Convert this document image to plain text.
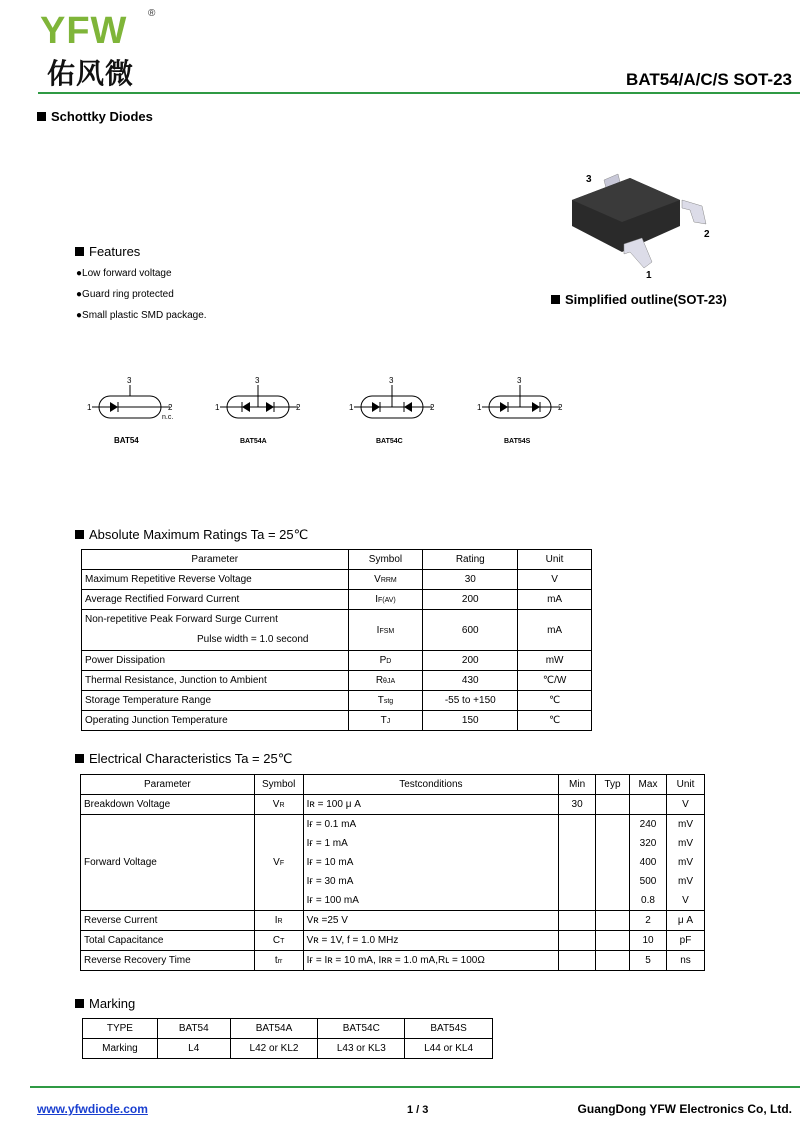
YFW ®
佑风微	BAT54/A/C/S SOT-23
Schottky Diodes
3
2
1
Simplified outline(SOT-23)
Features
●Low forward voltage
●Guard ring protected
●Small plastic SMD package.
3
1	2
n.c.
BAT54
3
1	2
BAT54A
3
1	2
BAT54C
3
1	2
BAT54S
Absolute Maximum Ratings Ta = 25℃
Parameter	Symbol	Rating	Unit
Maximum Repetitive Reverse Voltage	VRRM	30	V
Average Rectified Forward Current	IF(AV)	200	mA

Non-repetitive Peak Forward Surge Current
Pulse width = 1.0 second	IFSM	600	mA
Power Dissipation	PD	200	mW
Thermal Resistance, Junction to Ambient	RθJA	430	℃/W
Storage Temperature Range	Tstg	-55 to +150	℃
Operating Junction Temperature	TJ	150	℃
Electrical Characteristics Ta = 25℃
Parameter	Symbol	Testconditions	Min	Typ	Max	Unit
Breakdown Voltage	VR	Iʀ = 100 μ A	30			V
Forward Voltage	VF	Iғ = 0.1 mA			240	mV
		Iғ = 1 mA			320	mV
		Iғ = 10 mA			400	mV
		Iғ = 30 mA			500	mV
		Iғ = 100 mA			0.8	V
Reverse Current	IR	Vʀ =25 V			2	μ A
Total Capacitance	CT	Vʀ = 1V, f = 1.0 MHz			10	pF
Reverse Recovery Time	trr	Iғ = Iʀ = 10 mA, Iʀʀ = 1.0 mA,Rʟ = 100Ω			5	ns
Marking
TYPE	BAT54	BAT54A	BAT54C	BAT54S
Marking	L4	L42 or KL2	L43 or KL3	L44 or KL4
www.yfwdiode.com	1 / 3	GuangDong YFW Electronics Co, Ltd.
